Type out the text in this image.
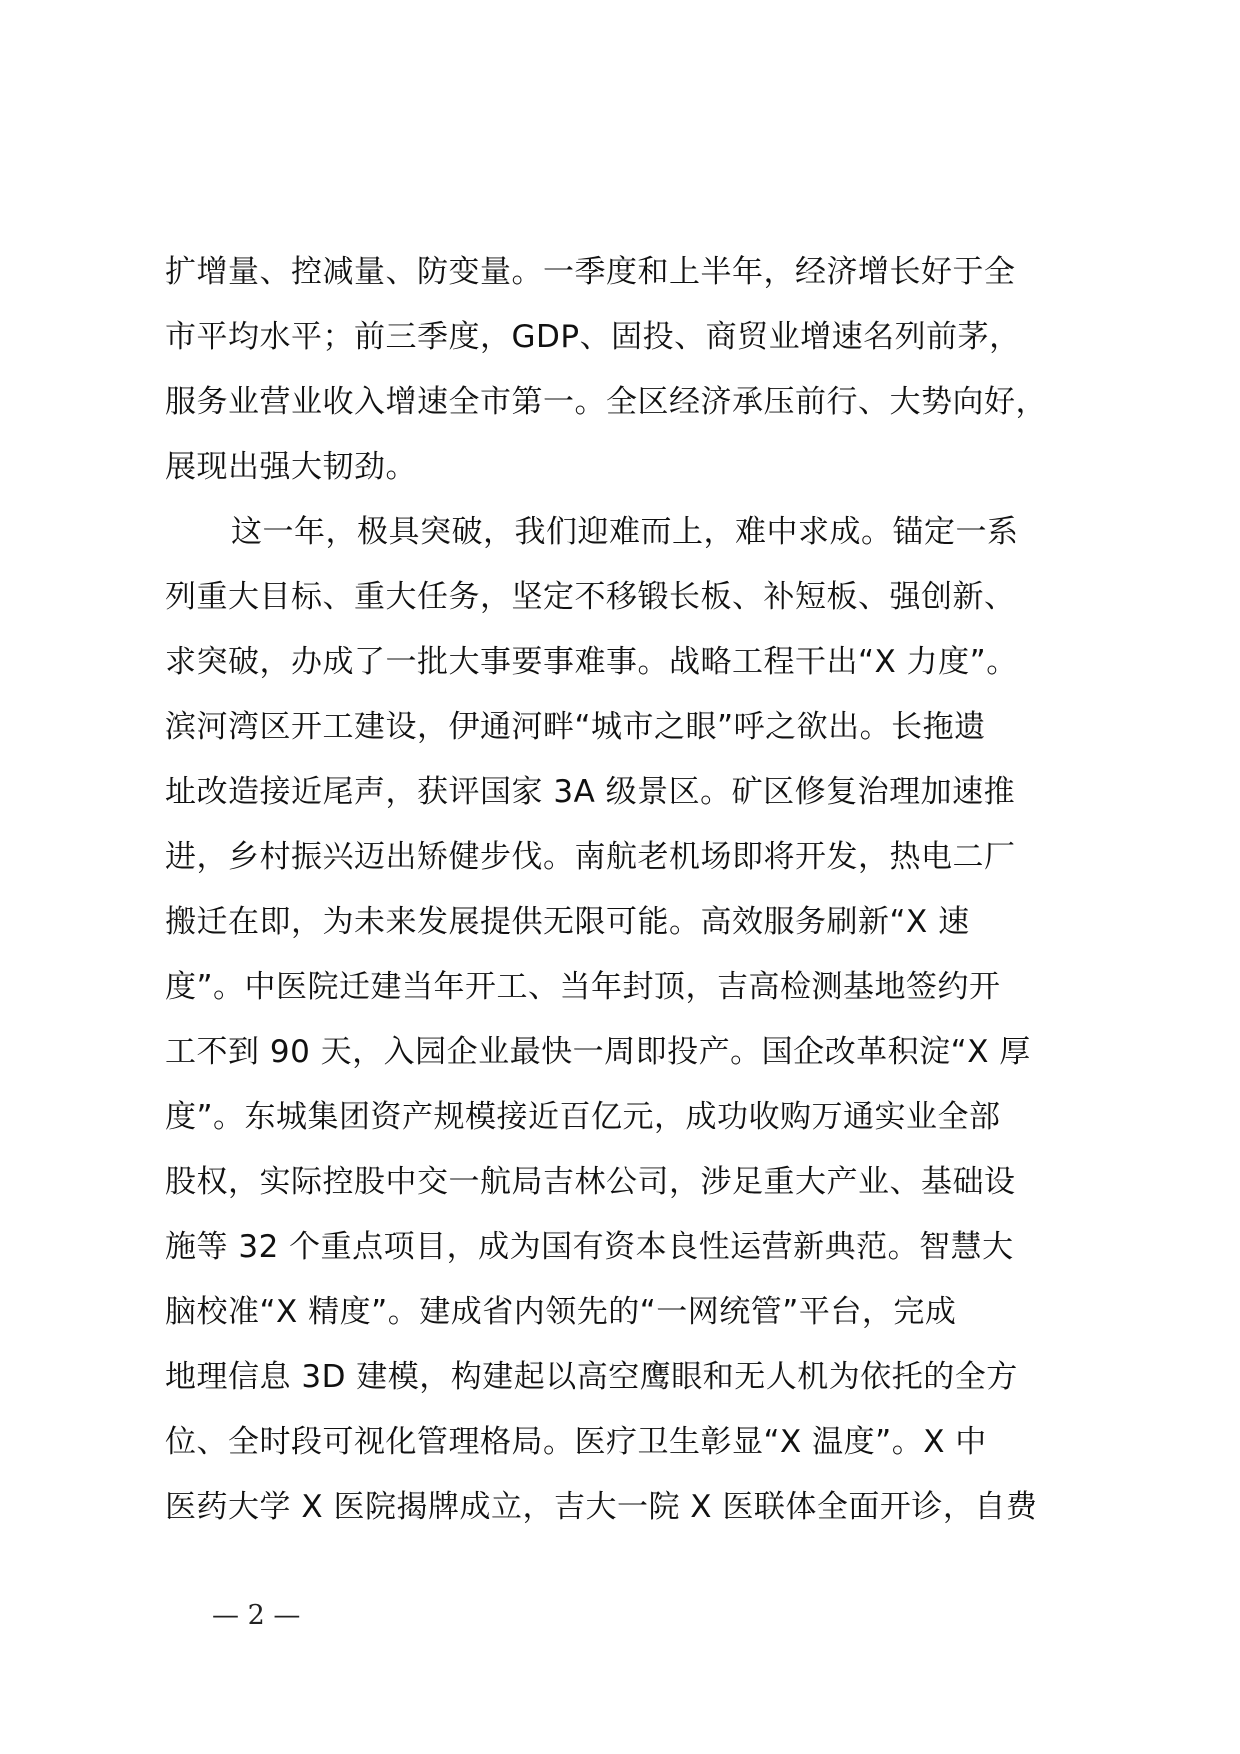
扩增量、控减量、防变量。一季度和上半年，经济增长好于全
市平均水平；前三季度，GDP、固投、商贸业增速名列前茅，
服务业营业收入增速全市第一。全区经济承压前行、大势向好，
展现出强大韧劲。
这一年，极具突破，我们迎难而上，难中求成。锚定一系
列重大目标、重大任务，坚定不移锻长板、补短板、强创新、
求突破，办成了一批大事要事难事。战略工程干出“X 力度”。
滨河湾区开工建设，伊通河畔“城市之眼”呼之欲出。长拖遗
址改造接近尾声，获评国家 3A 级景区。矿区修复治理加速推
进，乡村振兴迈出矫健步伐。南航老机场即将开发，热电二厂
搬迁在即，为未来发展提供无限可能。高效服务刷新“X 速
度”。中医院迁建当年开工、当年封顶，吉高检测基地签约开
工不到 90 天，入园企业最快一周即投产。国企改革积淀“X 厚
度”。东城集团资产规模接近百亿元，成功收购万通实业全部
股权，实际控股中交一航局吉林公司，涉足重大产业、基础设
施等 32 个重点项目，成为国有资本良性运营新典范。智慧大
脑校准“X 精度”。建成省内领先的“一网统管”平台，完成
地理信息 3D 建模，构建起以高空鹰眼和无人机为依托的全方
位、全时段可视化管理格局。医疗卫生彰显“X 温度”。X 中
医药大学 X 医院揭牌成立，吉大一院 X 医联体全面开诊，自费
— 2 —
